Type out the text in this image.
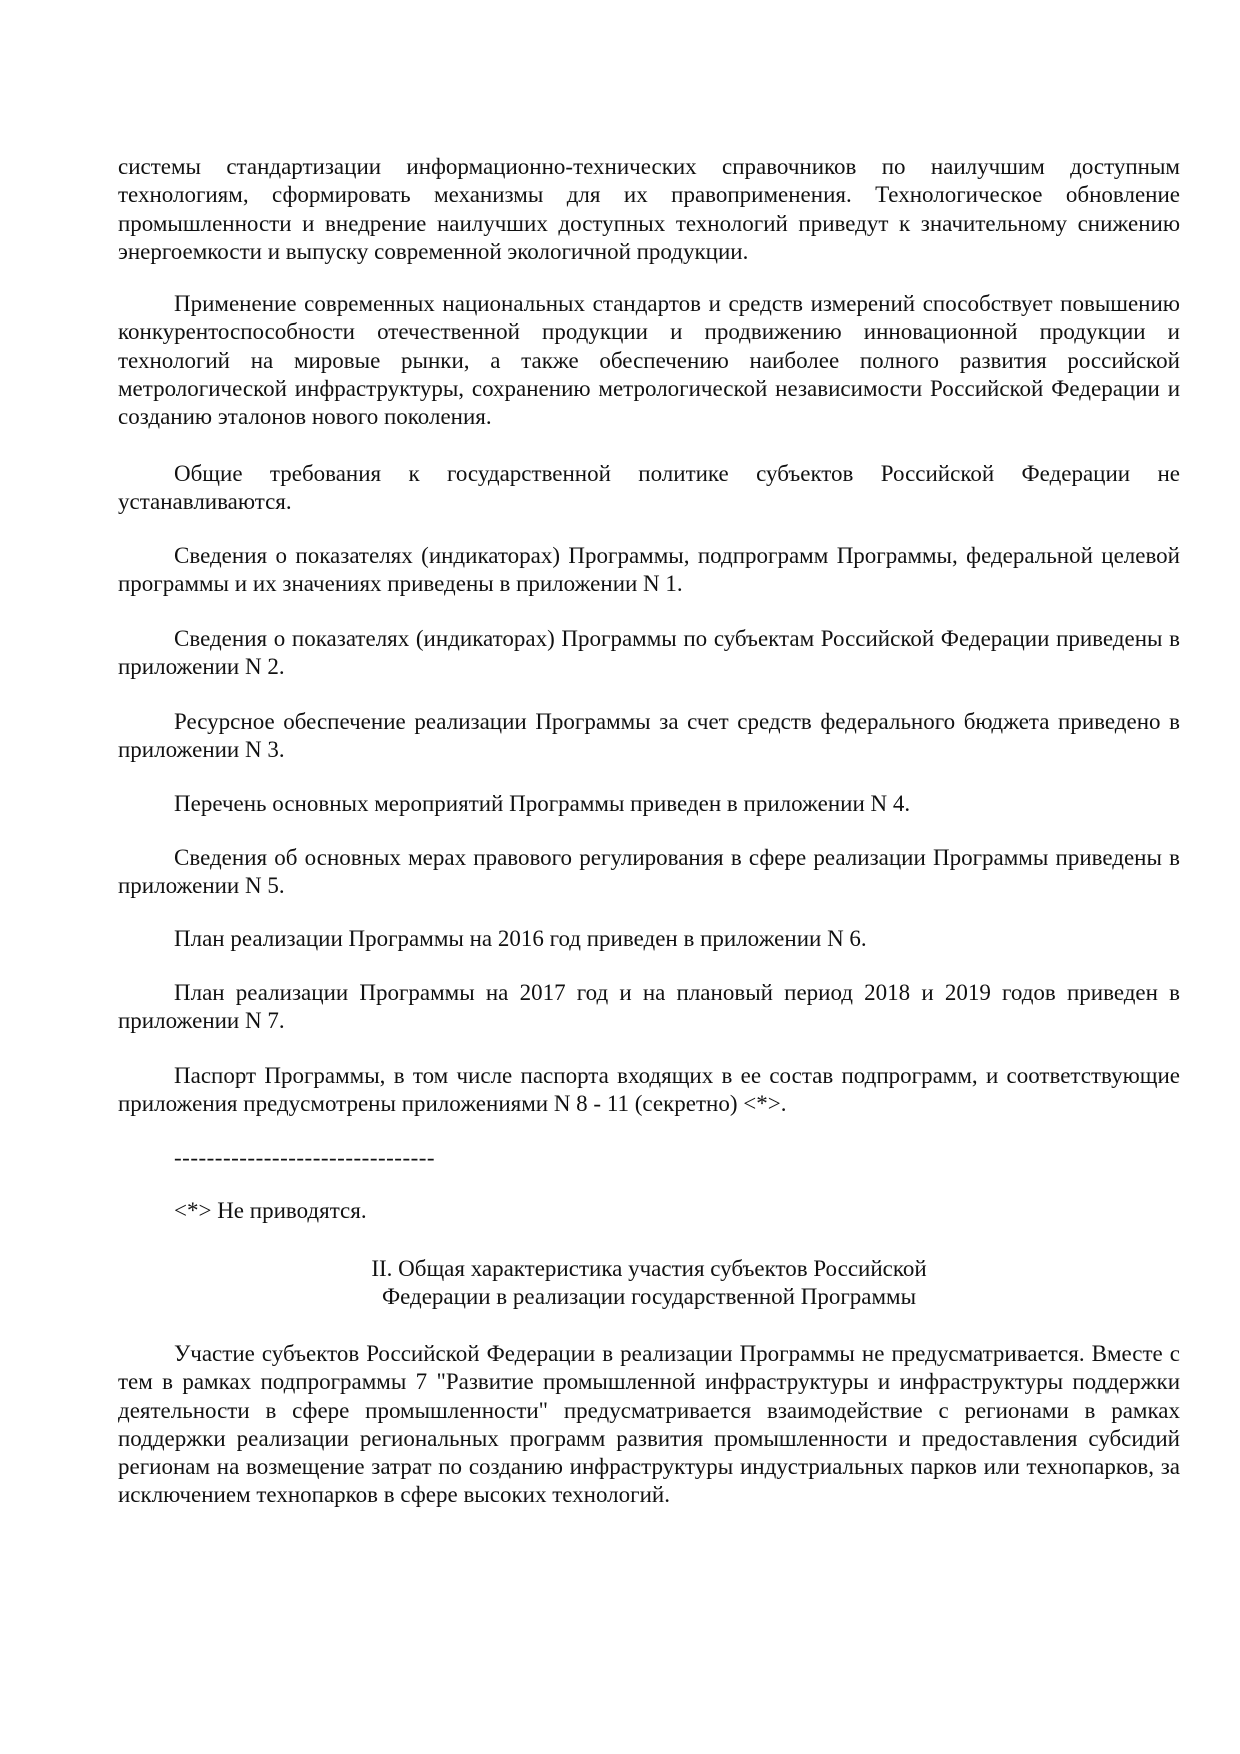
системы стандартизации информационно-технических справочников по наилучшим доступным технологиям, сформировать механизмы для их правоприменения. Технологическое обновление промышленности и внедрение наилучших доступных технологий приведут к значительному снижению энергоемкости и выпуску современной экологичной продукции.
Применение современных национальных стандартов и средств измерений способствует повышению конкурентоспособности отечественной продукции и продвижению инновационной продукции и технологий на мировые рынки, а также обеспечению наиболее полного развития российской метрологической инфраструктуры, сохранению метрологической независимости Российской Федерации и созданию эталонов нового поколения.
Общие требования к государственной политике субъектов Российской Федерации не устанавливаются.
Сведения о показателях (индикаторах) Программы, подпрограмм Программы, федеральной целевой программы и их значениях приведены в приложении N 1.
Сведения о показателях (индикаторах) Программы по субъектам Российской Федерации приведены в приложении N 2.
Ресурсное обеспечение реализации Программы за счет средств федерального бюджета приведено в приложении N 3.
Перечень основных мероприятий Программы приведен в приложении N 4.
Сведения об основных мерах правового регулирования в сфере реализации Программы приведены в приложении N 5.
План реализации Программы на 2016 год приведен в приложении N 6.
План реализации Программы на 2017 год и на плановый период 2018 и 2019 годов приведен в приложении N 7.
Паспорт Программы, в том числе паспорта входящих в ее состав подпрограмм, и соответствующие приложения предусмотрены приложениями N 8 - 11 (секретно) <*>.
--------------------------------
<*> Не приводятся.
II. Общая характеристика участия субъектов Российской
Федерации в реализации государственной Программы
Участие субъектов Российской Федерации в реализации Программы не предусматривается. Вместе с тем в рамках подпрограммы 7 "Развитие промышленной инфраструктуры и инфраструктуры поддержки деятельности в сфере промышленности" предусматривается взаимодействие с регионами в рамках поддержки реализации региональных программ развития промышленности и предоставления субсидий регионам на возмещение затрат по созданию инфраструктуры индустриальных парков или технопарков, за исключением технопарков в сфере высоких технологий.
